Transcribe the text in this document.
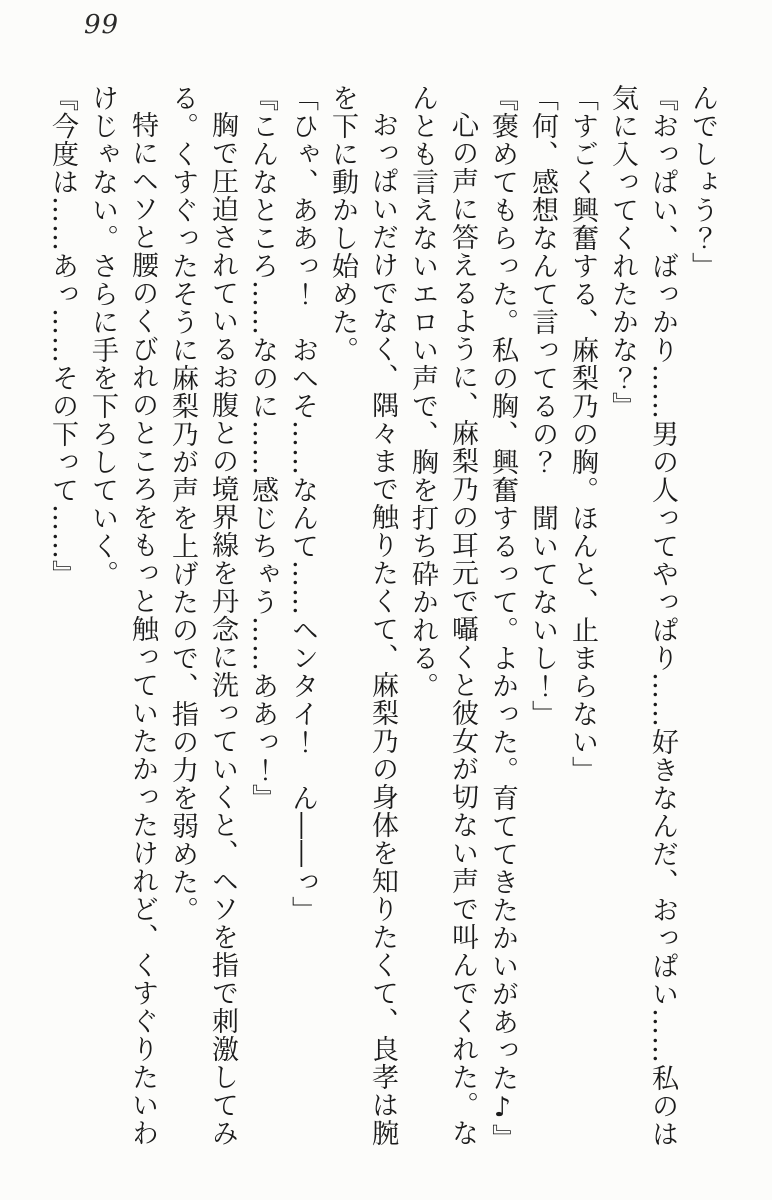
99

んでしょう？」

『おっぱい、ばっかり……男の人ってやっぱり……好きなんだ、おっぱい……私のは

気に入ってくれたかな？』

「すごく興奮する、麻梨乃の胸。ほんと、止まらない」

「何、感想なんて言ってるの？　聞いてないし！」

『褒めてもらった。私の胸、興奮するって。よかった。育ててきたかいがあった♪』

心の声に答えるように、麻梨乃の耳元で囁くと彼女が切ない声で叫んでくれた。な

んとも言えないエロい声で、胸を打ち砕かれる。

おっぱいだけでなく、隅々まで触りたくて、麻梨乃の身体を知りたくて、良孝は腕

を下に動かし始めた。

「ひゃ、ああっ！　おへそ……なんて……ヘンタイ！　ん――っ」

『こんなところ……なのに……感じちゃう……ああっ！』

胸で圧迫されているお腹との境界線を丹念に洗っていくと、ヘソを指で刺激してみ

る。くすぐったそうに麻梨乃が声を上げたので、指の力を弱めた。

特にヘソと腰のくびれのところをもっと触っていたかったけれど、くすぐりたいわ

けじゃない。さらに手を下ろしていく。

『今度は……あっ……その下って……』
